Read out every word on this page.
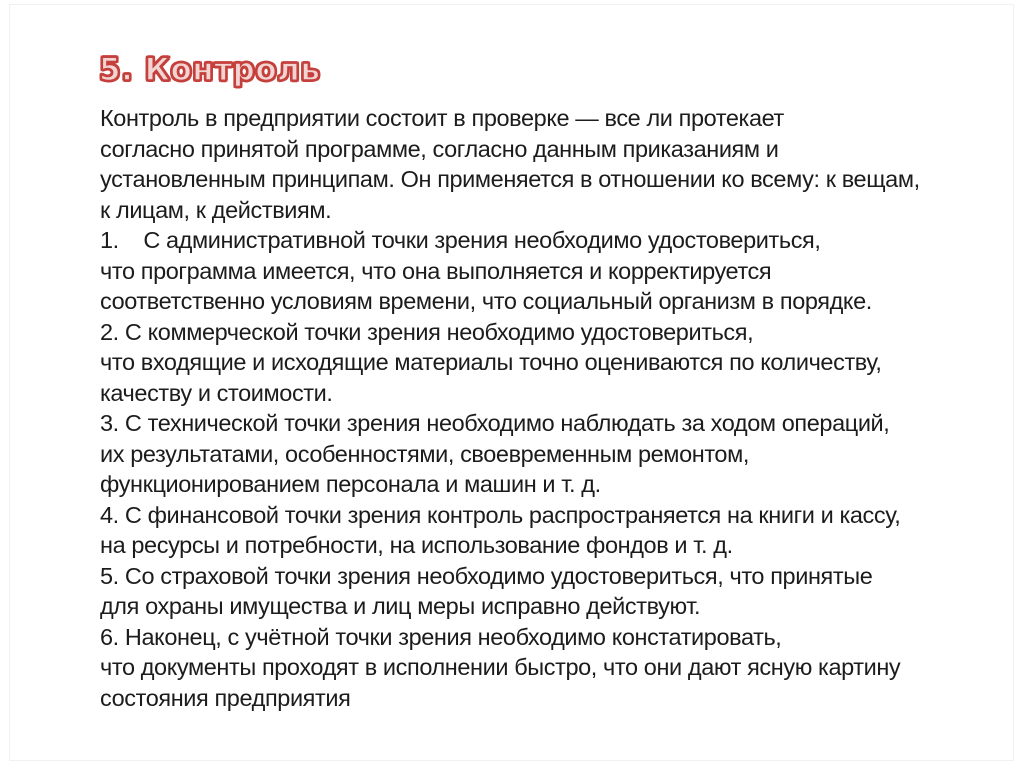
5. Контроль
Контроль в предприятии состоит в проверке — все ли протекает
согласно принятой программе, согласно данным приказаниям и
установленным принципам. Он применяется в отношении ко всему: к вещам,
к лицам, к действиям.
1.    С административной точки зрения необходимо удостовериться,
что программа имеется, что она выполняется и корректируется
соответственно условиям времени, что социальный организм в порядке.
2. С коммерческой точки зрения необходимо удостовериться,
что входящие и исходящие материалы точно оцениваются по количеству,
качеству и стоимости.
3. С технической точки зрения необходимо наблюдать за ходом операций,
их результатами, особенностями, своевременным ремонтом,
функционированием персонала и машин и т. д.
4. С финансовой точки зрения контроль распространяется на книги и кассу,
на ресурсы и потребности, на использование фондов и т. д.
5. Со страховой точки зрения необходимо удостовериться, что принятые
для охраны имущества и лиц меры исправно действуют.
6. Наконец, с учётной точки зрения необходимо констатировать,
что документы проходят в исполнении быстро, что они дают ясную картину
состояния предприятия
